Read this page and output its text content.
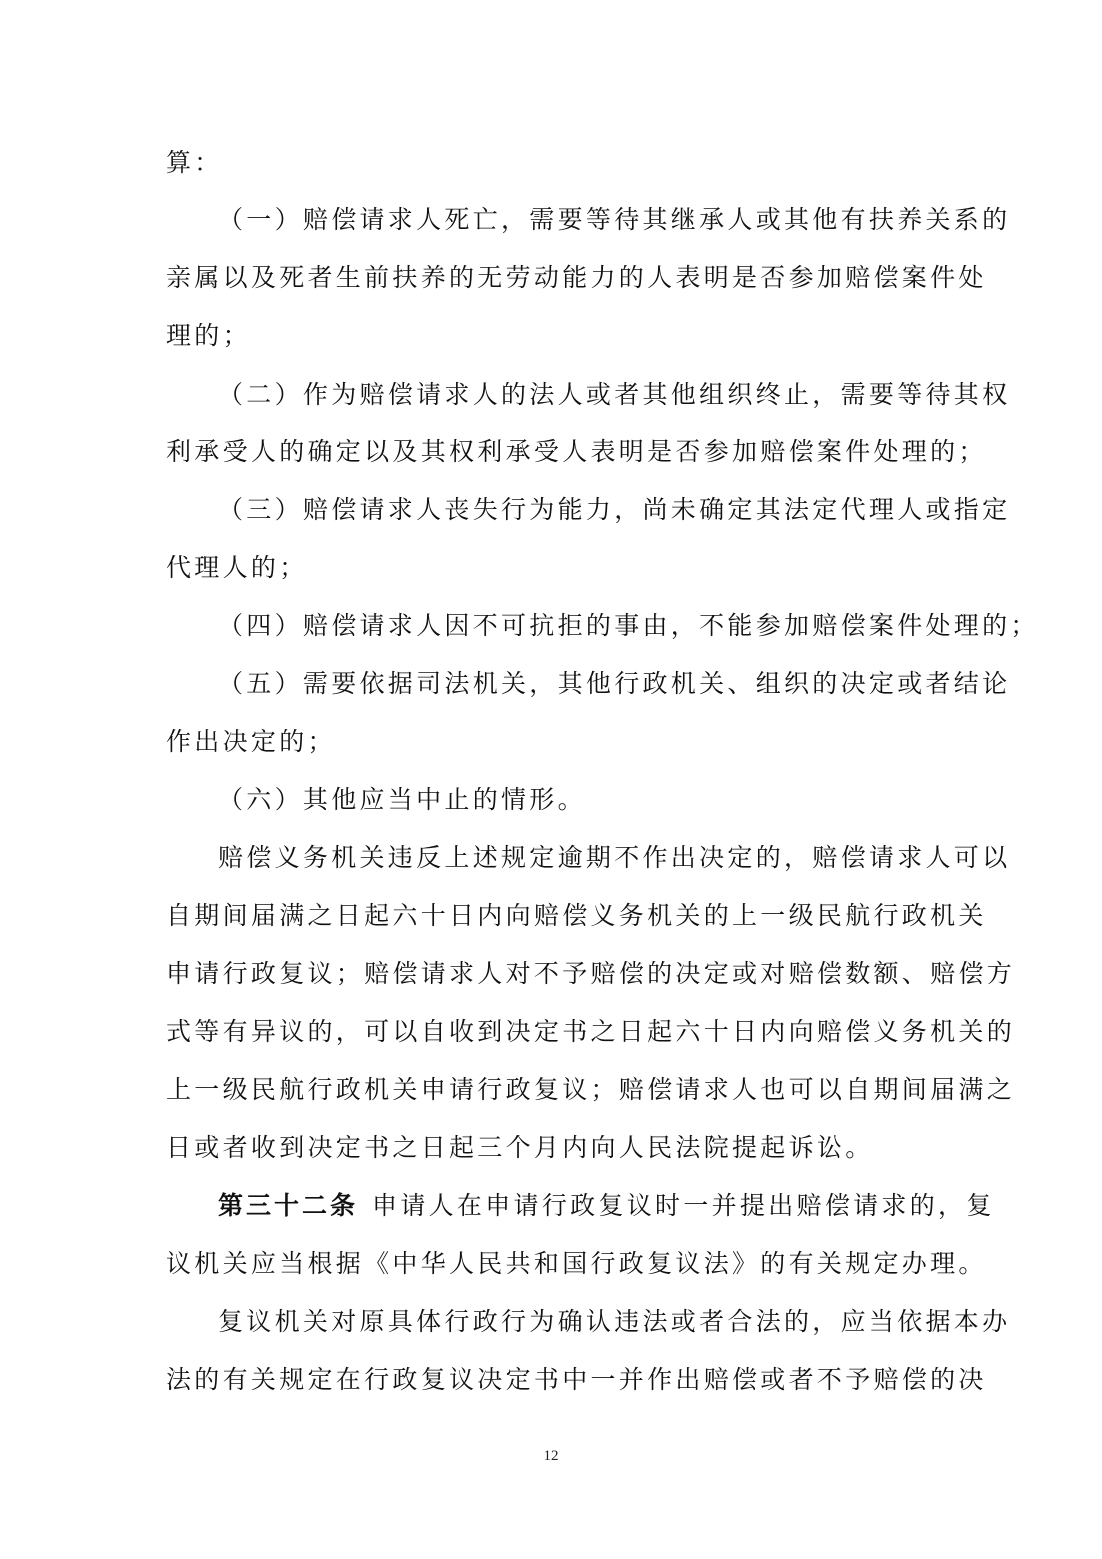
算：
（一）赔偿请求人死亡，需要等待其继承人或其他有扶养关系的
亲属以及死者生前扶养的无劳动能力的人表明是否参加赔偿案件处
理的；
（二）作为赔偿请求人的法人或者其他组织终止，需要等待其权
利承受人的确定以及其权利承受人表明是否参加赔偿案件处理的；
（三）赔偿请求人丧失行为能力，尚未确定其法定代理人或指定
代理人的；
（四）赔偿请求人因不可抗拒的事由，不能参加赔偿案件处理的；
（五）需要依据司法机关，其他行政机关、组织的决定或者结论
作出决定的；
（六）其他应当中止的情形。
赔偿义务机关违反上述规定逾期不作出决定的，赔偿请求人可以
自期间届满之日起六十日内向赔偿义务机关的上一级民航行政机关
申请行政复议；赔偿请求人对不予赔偿的决定或对赔偿数额、赔偿方
式等有异议的，可以自收到决定书之日起六十日内向赔偿义务机关的
上一级民航行政机关申请行政复议；赔偿请求人也可以自期间届满之
日或者收到决定书之日起三个月内向人民法院提起诉讼。
第三十二条 申请人在申请行政复议时一并提出赔偿请求的，复
议机关应当根据《中华人民共和国行政复议法》的有关规定办理。
复议机关对原具体行政行为确认违法或者合法的，应当依据本办
法的有关规定在行政复议决定书中一并作出赔偿或者不予赔偿的决
12
